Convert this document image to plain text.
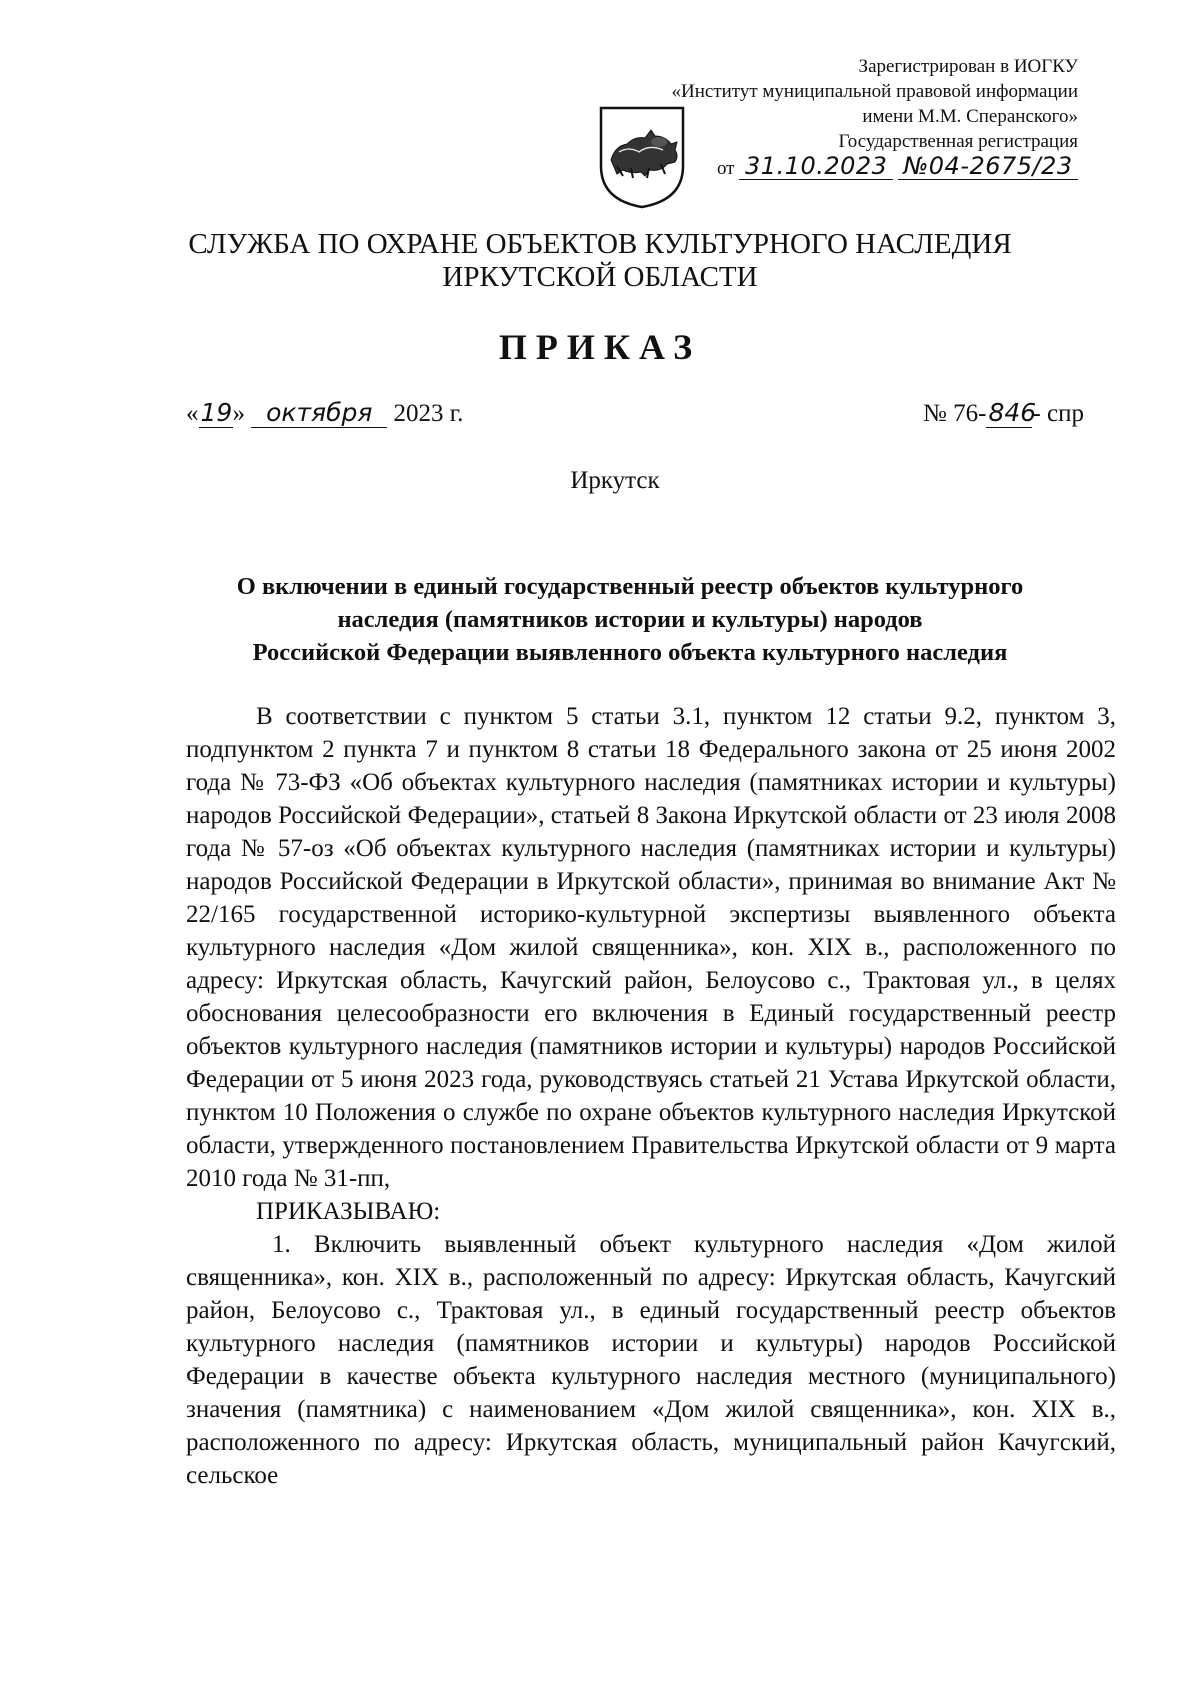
Зарегистрирован в ИОГКУ
«Институт муниципальной правовой информации
имени М.М. Сперанского»
Государственная регистрация
от 31.10.2023 №04-2675/23
СЛУЖБА ПО ОХРАНЕ ОБЪЕКТОВ КУЛЬТУРНОГО НАСЛЕДИЯ
ИРКУТСКОЙ ОБЛАСТИ
ПРИКАЗ
«19» октября 2023 г.	№ 76-846- спр
Иркутск
О включении в единый государственный реестр объектов культурного
наследия (памятников истории и культуры) народов
Российской Федерации выявленного объекта культурного наследия

В соответствии с пунктом 5 статьи 3.1, пунктом 12 статьи 9.2, пунктом 3, подпунктом 2 пункта 7 и пунктом 8 статьи 18 Федерального закона от 25 июня 2002 года № 73-ФЗ «Об объектах культурного наследия (памятниках истории и культуры) народов Российской Федерации», статьей 8 Закона Иркутской области от 23 июля 2008 года № 57-оз «Об объектах культурного наследия (памятниках истории и культуры) народов Российской Федерации в Иркутской области», принимая во внимание Акт № 22/165 государственной историко-культурной экспертизы выявленного объекта культурного наследия «Дом жилой священника», кон. XIX в., расположенного по адресу: Иркутская область, Качугский район, Белоусово с., Трактовая ул., в целях обоснования целесообразности его включения в Единый государственный реестр объектов культурного наследия (памятников истории и культуры) народов Российской Федерации от 5 июня 2023 года, руководствуясь статьей 21 Устава Иркутской области, пунктом 10 Положения о службе по охране объектов культурного наследия Иркутской области, утвержденного постановлением Правительства Иркутской области от 9 марта 2010 года № 31-пп,

ПРИКАЗЫВАЮ:

1. Включить выявленный объект культурного наследия «Дом жилой священника», кон. XIX в., расположенный по адресу: Иркутская область, Качугский район, Белоусово с., Трактовая ул., в единый государственный реестр объектов культурного наследия (памятников истории и культуры) народов Российской Федерации в качестве объекта культурного наследия местного (муниципального) значения (памятника) с наименованием «Дом жилой священника», кон. XIX в., расположенного по адресу: Иркутская область, муниципальный район Качугский, сельское
